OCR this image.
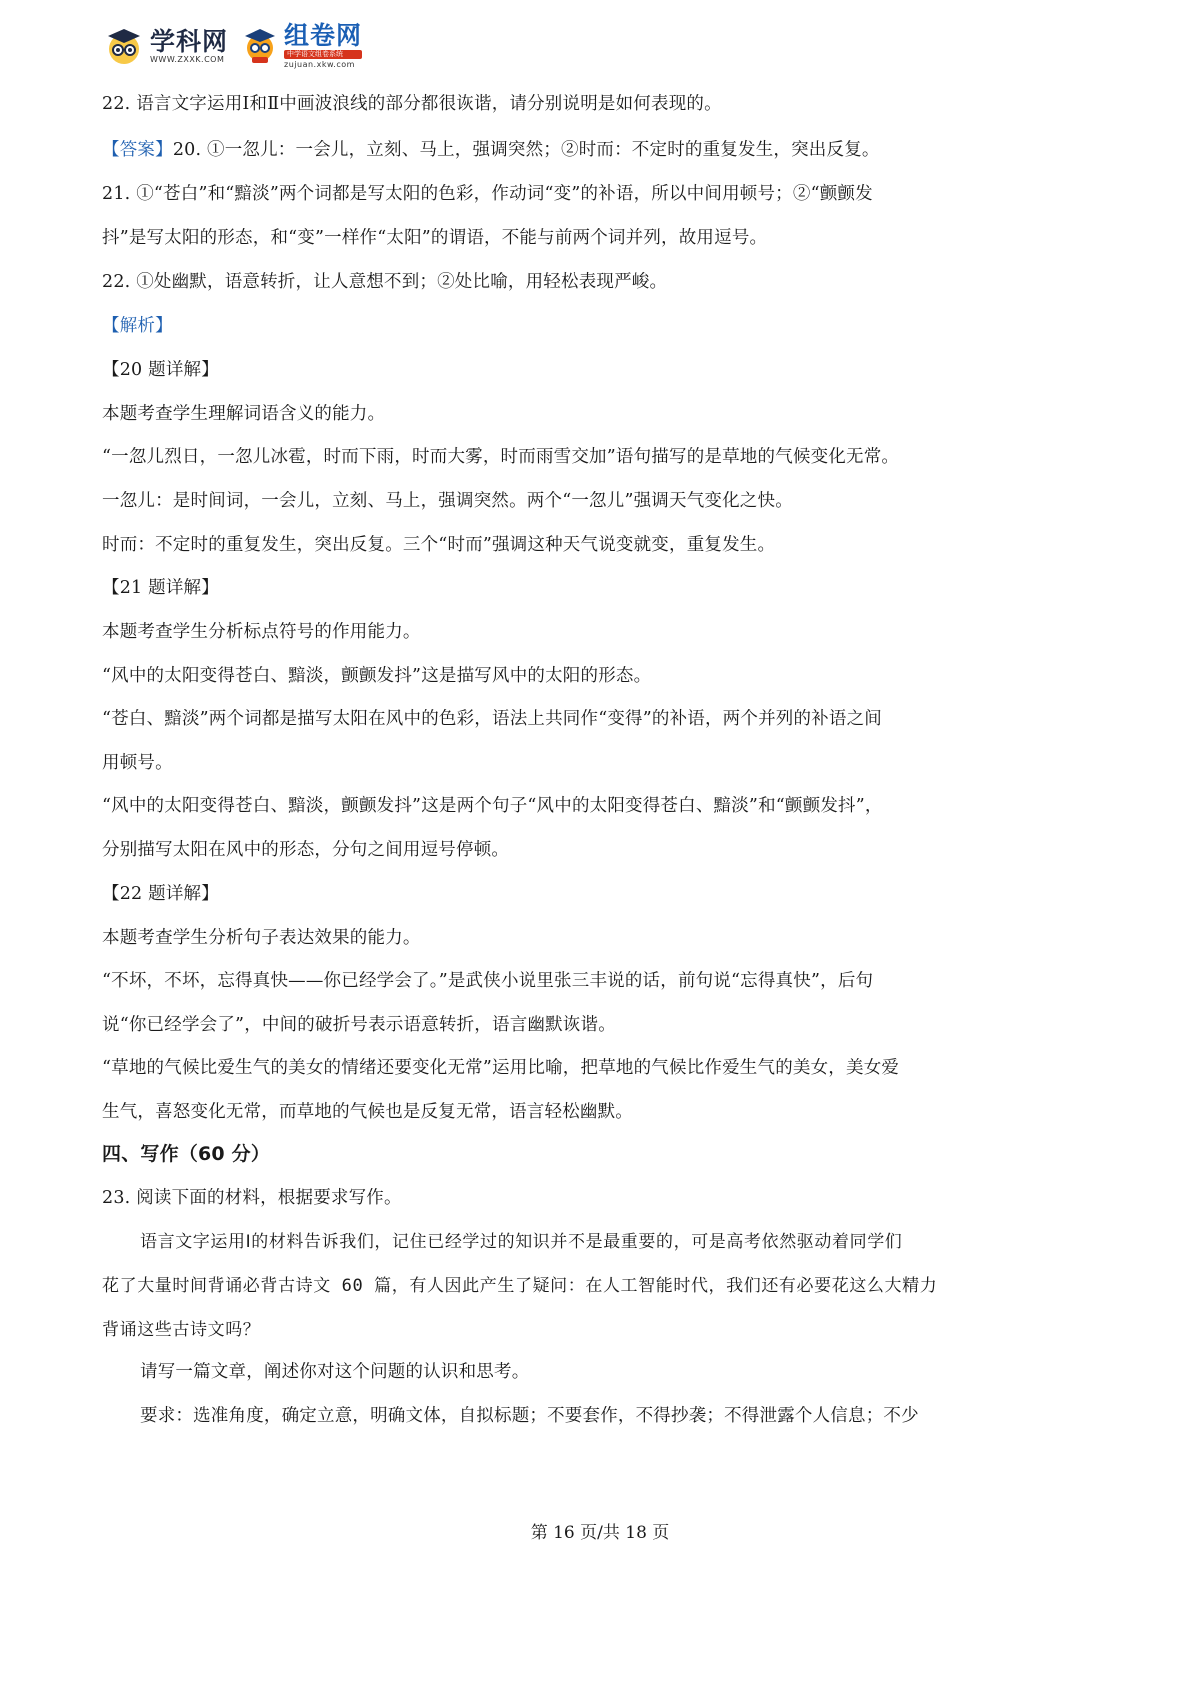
学科网
WWW.ZXXK.COM
组卷网
中学语文组卷系统
zujuan.xkw.com
22. 语言文字运用Ⅰ和Ⅱ中画波浪线的部分都很诙谐，请分别说明是如何表现的。
【答案】20. ①一忽儿：一会儿，立刻、马上，强调突然；②时而：不定时的重复发生，突出反复。
21. ①“苍白”和“黯淡”两个词都是写太阳的色彩，作动词“变”的补语，所以中间用顿号；②“颤颤发
抖”是写太阳的形态，和“变”一样作“太阳”的谓语，不能与前两个词并列，故用逗号。
22. ①处幽默，语意转折，让人意想不到；②处比喻，用轻松表现严峻。
【解析】
【20 题详解】
本题考查学生理解词语含义的能力。
“一忽儿烈日，一忽儿冰雹，时而下雨，时而大雾，时而雨雪交加”语句描写的是草地的气候变化无常。
一忽儿：是时间词，一会儿，立刻、马上，强调突然。两个“一忽儿”强调天气变化之快。
时而：不定时的重复发生，突出反复。三个“时而”强调这种天气说变就变，重复发生。
【21 题详解】
本题考查学生分析标点符号的作用能力。
“风中的太阳变得苍白、黯淡，颤颤发抖”这是描写风中的太阳的形态。
“苍白、黯淡”两个词都是描写太阳在风中的色彩，语法上共同作“变得”的补语，两个并列的补语之间
用顿号。
“风中的太阳变得苍白、黯淡，颤颤发抖”这是两个句子“风中的太阳变得苍白、黯淡”和“颤颤发抖”，
分别描写太阳在风中的形态，分句之间用逗号停顿。
【22 题详解】
本题考查学生分析句子表达效果的能力。
“不坏，不坏，忘得真快——你已经学会了。”是武侠小说里张三丰说的话，前句说“忘得真快”，后句
说“你已经学会了”，中间的破折号表示语意转折，语言幽默诙谐。
“草地的气候比爱生气的美女的情绪还要变化无常”运用比喻，把草地的气候比作爱生气的美女，美女爱
生气，喜怒变化无常，而草地的气候也是反复无常，语言轻松幽默。
四、写作（60 分）
23. 阅读下面的材料，根据要求写作。
语言文字运用Ⅰ的材料告诉我们，记住已经学过的知识并不是最重要的，可是高考依然驱动着同学们
花了大量时间背诵必背古诗文 60 篇，有人因此产生了疑问：在人工智能时代，我们还有必要花这么大精力
背诵这些古诗文吗？
请写一篇文章，阐述你对这个问题的认识和思考。
要求：选准角度，确定立意，明确文体，自拟标题；不要套作，不得抄袭；不得泄露个人信息；不少
第 16 页/共 18 页
